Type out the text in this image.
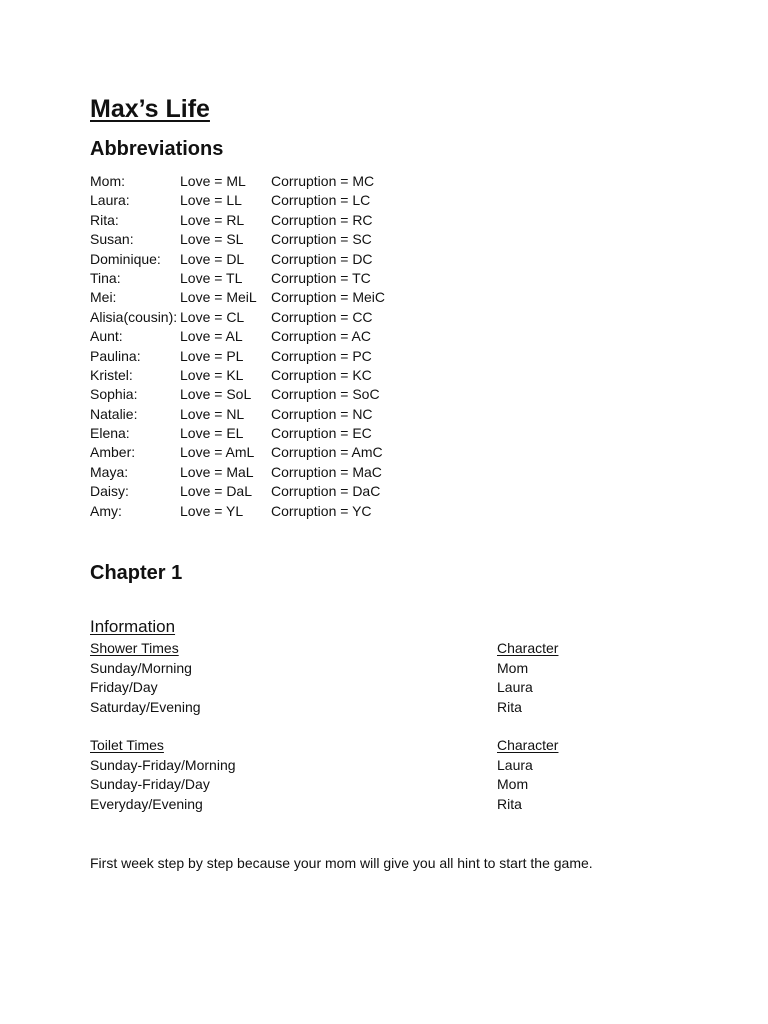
Max’s Life
Abbreviations
Mom:	Love = ML	Corruption = MC
Laura:	Love = LL	Corruption = LC
Rita:	Love = RL	Corruption = RC
Susan:	Love = SL	Corruption = SC
Dominique:	Love = DL	Corruption = DC
Tina:	Love = TL	Corruption = TC
Mei:	Love = MeiL	Corruption = MeiC
Alisia(cousin): Love = CL	Corruption = CC
Aunt:	Love = AL	Corruption = AC
Paulina:	Love = PL	Corruption = PC
Kristel:	Love = KL	Corruption = KC
Sophia:	Love = SoL	Corruption = SoC
Natalie:	Love = NL	Corruption = NC
Elena:	Love = EL	Corruption = EC
Amber:	Love = AmL	Corruption = AmC
Maya:	Love = MaL	Corruption = MaC
Daisy:	Love = DaL	Corruption = DaC
Amy:	Love = YL	Corruption = YC
Chapter 1
Information
Shower Times	Character
Sunday/Morning	Mom
Friday/Day	Laura
Saturday/Evening	Rita
Toilet Times	Character
Sunday-Friday/Morning	Laura
Sunday-Friday/Day	Mom
Everyday/Evening	Rita

First week step by step because your mom will give you all hint to start the game.
